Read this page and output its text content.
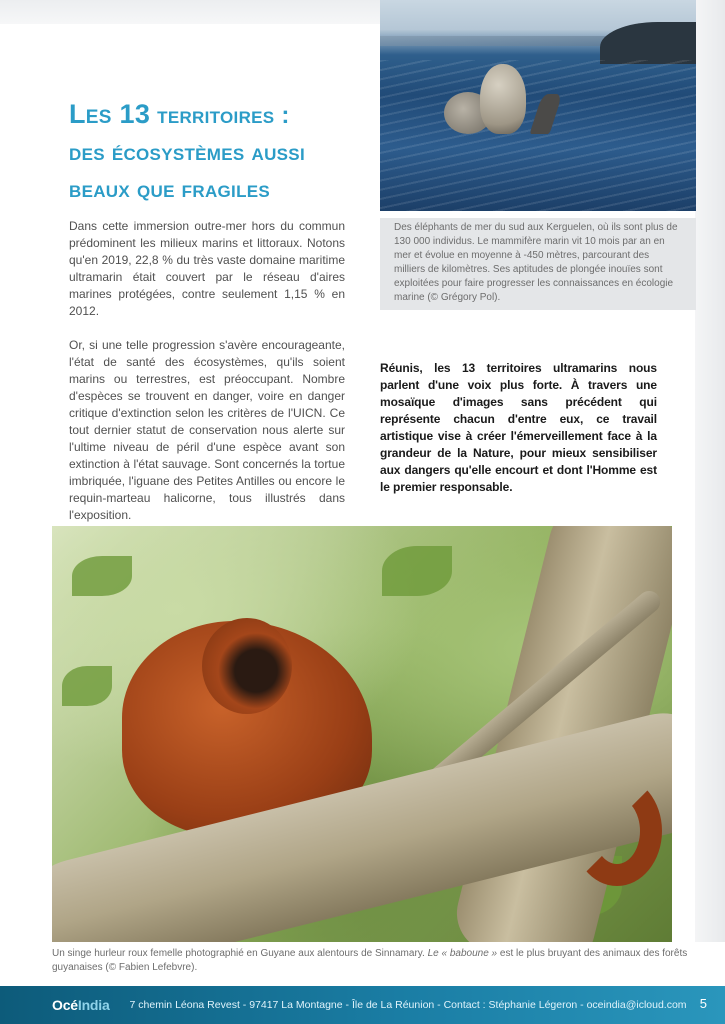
Les 13 territoires :
des écosystèmes aussi
beaux que fragiles

Dans cette immersion outre-mer hors du commun prédominent les milieux marins et littoraux. Notons qu'en 2019, 22,8 % du très vaste domaine maritime ultramarin était couvert par le réseau d'aires marines protégées, contre seulement 1,15 % en 2012.

Or, si une telle progression s'avère encourageante, l'état de santé des écosystèmes, qu'ils soient marins ou terrestres, est préoccupant. Nombre d'espèces se trouvent en danger, voire en danger critique d'extinction selon les critères de l'UICN. Ce tout dernier statut de conservation nous alerte sur l'ultime niveau de péril d'une espèce avant son extinction à l'état sauvage. Sont concernés la tortue imbriquée, l'iguane des Petites Antilles ou encore le requin-marteau halicorne, tous illustrés dans l'exposition.

Des éléphants de mer du sud aux Kerguelen, où ils sont plus de 130 000 individus. Le mammifère marin vit 10 mois par an en mer et évolue en moyenne à -450 mètres, parcourant des milliers de kilomètres. Ses aptitudes de plongée inouïes sont exploitées pour faire progresser les connaissances en écologie marine (© Grégory Pol).
Réunis, les 13 territoires ultramarins nous parlent d'une voix plus forte. À travers une mosaïque d'images sans précédent qui représente chacun d'entre eux, ce travail artistique vise à créer l'émerveillement face à la grandeur de la Nature, pour mieux sensibiliser aux dangers qu'elle encourt et dont l'Homme est le premier responsable.
Un singe hurleur roux femelle photographié en Guyane aux alentours de Sinnamary. Le « baboune » est le plus bruyant des animaux des forêts guyanaises (© Fabien Lefebvre).
OcéIndia 7 chemin Léona Revest - 97417 La Montagne - Île de La Réunion - Contact : Stéphanie Légeron - oceindia@icloud.com 5
